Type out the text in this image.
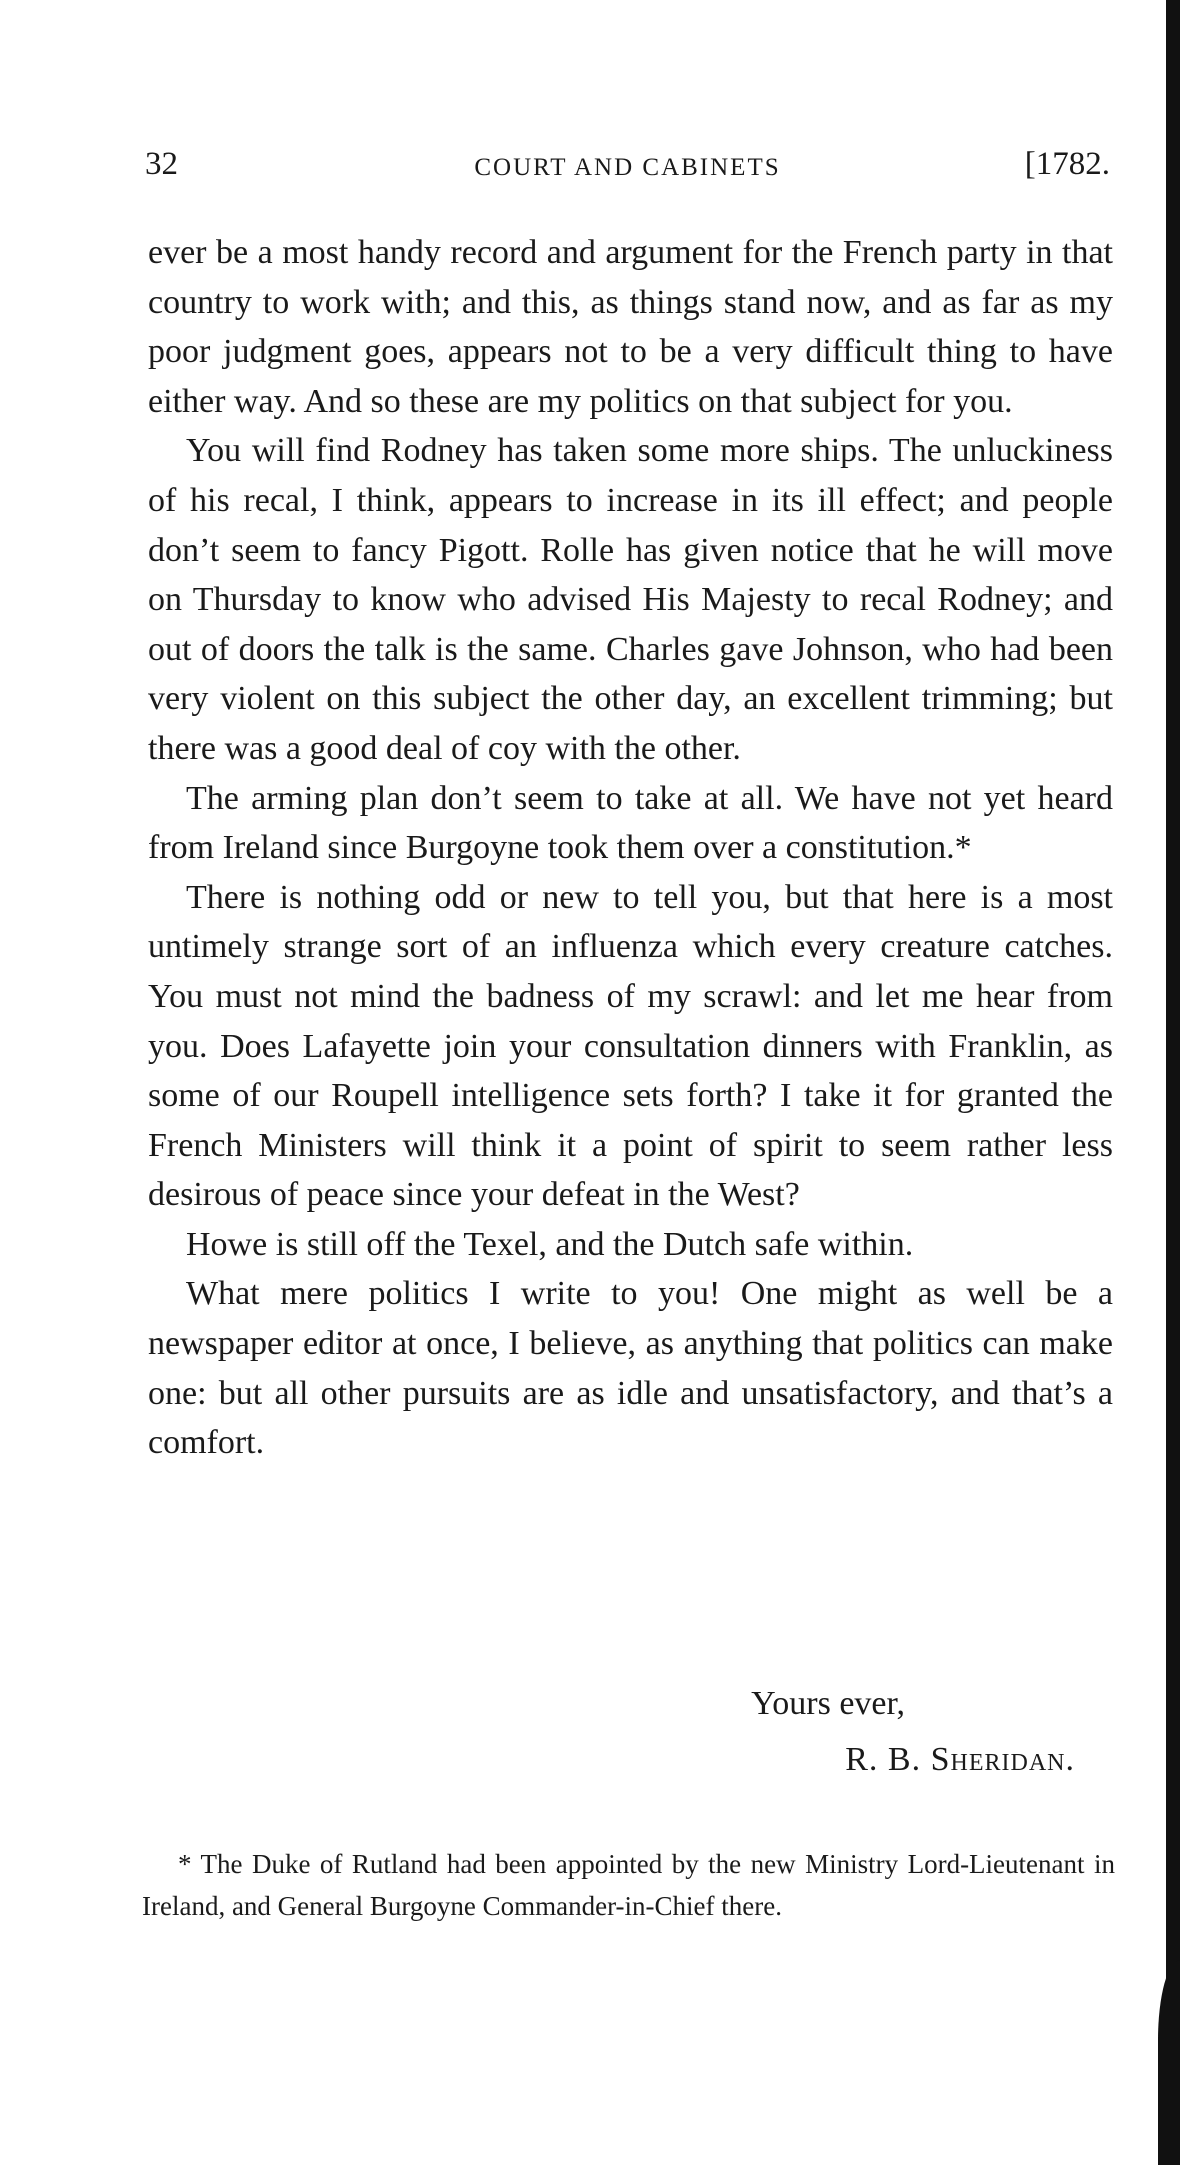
32	COURT AND CABINETS	[1782.

ever be a most handy record and argument for the French party in that country to work with; and this, as things stand now, and as far as my poor judgment goes, appears not to be a very difficult thing to have either way. And so these are my politics on that subject for you.

You will find Rodney has taken some more ships. The unluckiness of his recal, I think, appears to increase in its ill effect; and people don’t seem to fancy Pigott. Rolle has given notice that he will move on Thursday to know who advised His Majesty to recal Rodney; and out of doors the talk is the same. Charles gave Johnson, who had been very violent on this subject the other day, an excellent trimming; but there was a good deal of coy with the other.

The arming plan don’t seem to take at all. We have not yet heard from Ireland since Burgoyne took them over a constitution.*

There is nothing odd or new to tell you, but that here is a most untimely strange sort of an influenza which every creature catches. You must not mind the badness of my scrawl: and let me hear from you. Does Lafayette join your consultation dinners with Franklin, as some of our Roupell intelligence sets forth? I take it for granted the French Ministers will think it a point of spirit to seem rather less desirous of peace since your defeat in the West?

Howe is still off the Texel, and the Dutch safe within.

What mere politics I write to you! One might as well be a newspaper editor at once, I believe, as anything that politics can make one: but all other pursuits are as idle and unsatisfactory, and that’s a comfort.

Yours ever,
R. B. Sheridan.
* The Duke of Rutland had been appointed by the new Ministry Lord-Lieutenant in Ireland, and General Burgoyne Commander-in-Chief there.
